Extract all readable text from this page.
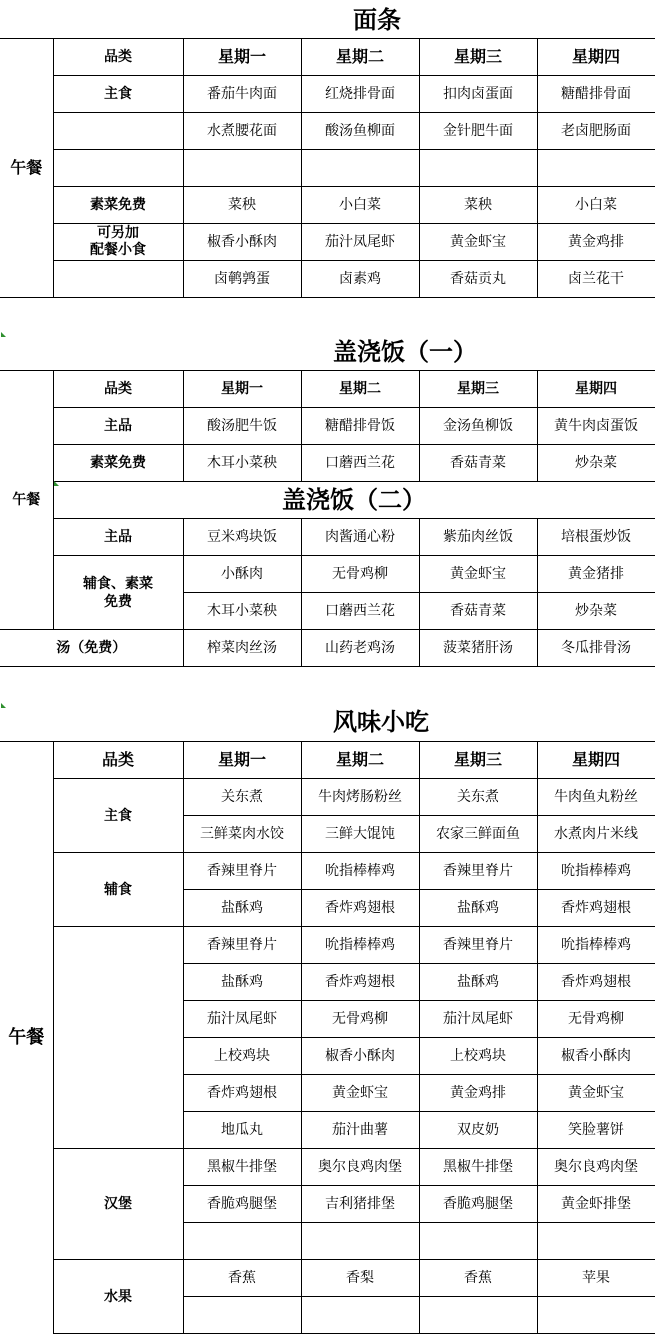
面条
午餐	品类	星期一	星期二	星期三	星期四
	主食	番茄牛肉面	红烧排骨面	扣肉卤蛋面	糖醋排骨面
		水煮腰花面	酸汤鱼柳面	金针肥牛面	老卤肥肠面

	素菜免费	菜秧	小白菜	菜秧	小白菜
	可另加
配餐小食	椒香小酥肉	茄汁凤尾虾	黄金虾宝	黄金鸡排
		卤鹌鹑蛋	卤素鸡	香菇贡丸	卤兰花干
盖浇饭（一）
午餐	品类	星期一	星期二	星期三	星期四
	主品	酸汤肥牛饭	糖醋排骨饭	金汤鱼柳饭	黄牛肉卤蛋饭
	素菜免费	木耳小菜秧	口蘑西兰花	香菇青菜	炒杂菜
	盖浇饭（二）				
	主品	豆米鸡块饭	肉酱通心粉	紫茄肉丝饭	培根蛋炒饭
	辅食、素菜
免费	小酥肉	无骨鸡柳	黄金虾宝	黄金猪排
		木耳小菜秧	口蘑西兰花	香菇青菜	炒杂菜
汤（免费）		榨菜肉丝汤	山药老鸡汤	菠菜猪肝汤	冬瓜排骨汤
风味小吃
午餐	品类	星期一	星期二	星期三	星期四
	主食	关东煮	牛肉烤肠粉丝	关东煮	牛肉鱼丸粉丝
		三鲜菜肉水饺	三鲜大馄饨	农家三鲜面鱼	水煮肉片米线
	辅食	香辣里脊片	吮指棒棒鸡	香辣里脊片	吮指棒棒鸡
		盐酥鸡	香炸鸡翅根	盐酥鸡	香炸鸡翅根
		香辣里脊片	吮指棒棒鸡	香辣里脊片	吮指棒棒鸡
		盐酥鸡	香炸鸡翅根	盐酥鸡	香炸鸡翅根
		茄汁凤尾虾	无骨鸡柳	茄汁凤尾虾	无骨鸡柳
		上校鸡块	椒香小酥肉	上校鸡块	椒香小酥肉
		香炸鸡翅根	黄金虾宝	黄金鸡排	黄金虾宝
		地瓜丸	茄汁曲薯	双皮奶	笑脸薯饼
	汉堡	黑椒牛排堡	奥尔良鸡肉堡	黑椒牛排堡	奥尔良鸡肉堡
		香脆鸡腿堡	吉利猪排堡	香脆鸡腿堡	黄金虾排堡

	水果	香蕉	香梨	香蕉	苹果
